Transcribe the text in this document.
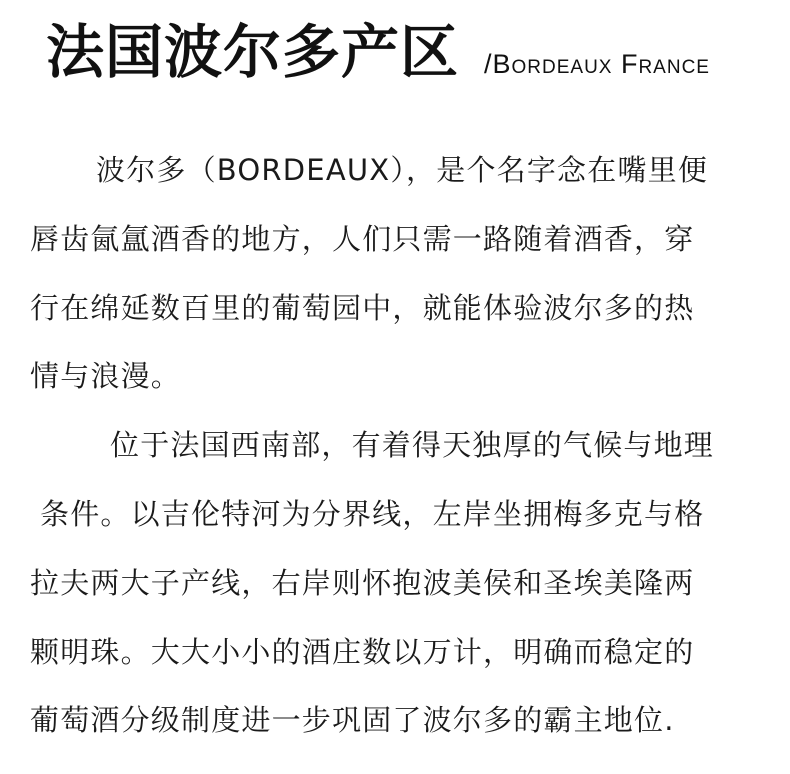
法国波尔多产区 /Bordeaux France
波尔多（BORDEAUX），是个名字念在嘴里便
唇齿氤氲酒香的地方，人们只需一路随着酒香，穿
行在绵延数百里的葡萄园中，就能体验波尔多的热
情与浪漫。
位于法国西南部，有着得天独厚的气候与地理
条件。以吉伦特河为分界线，左岸坐拥梅多克与格
拉夫两大子产线，右岸则怀抱波美侯和圣埃美隆两
颗明珠。大大小小的酒庄数以万计，明确而稳定的
葡萄酒分级制度进一步巩固了波尔多的霸主地位.
